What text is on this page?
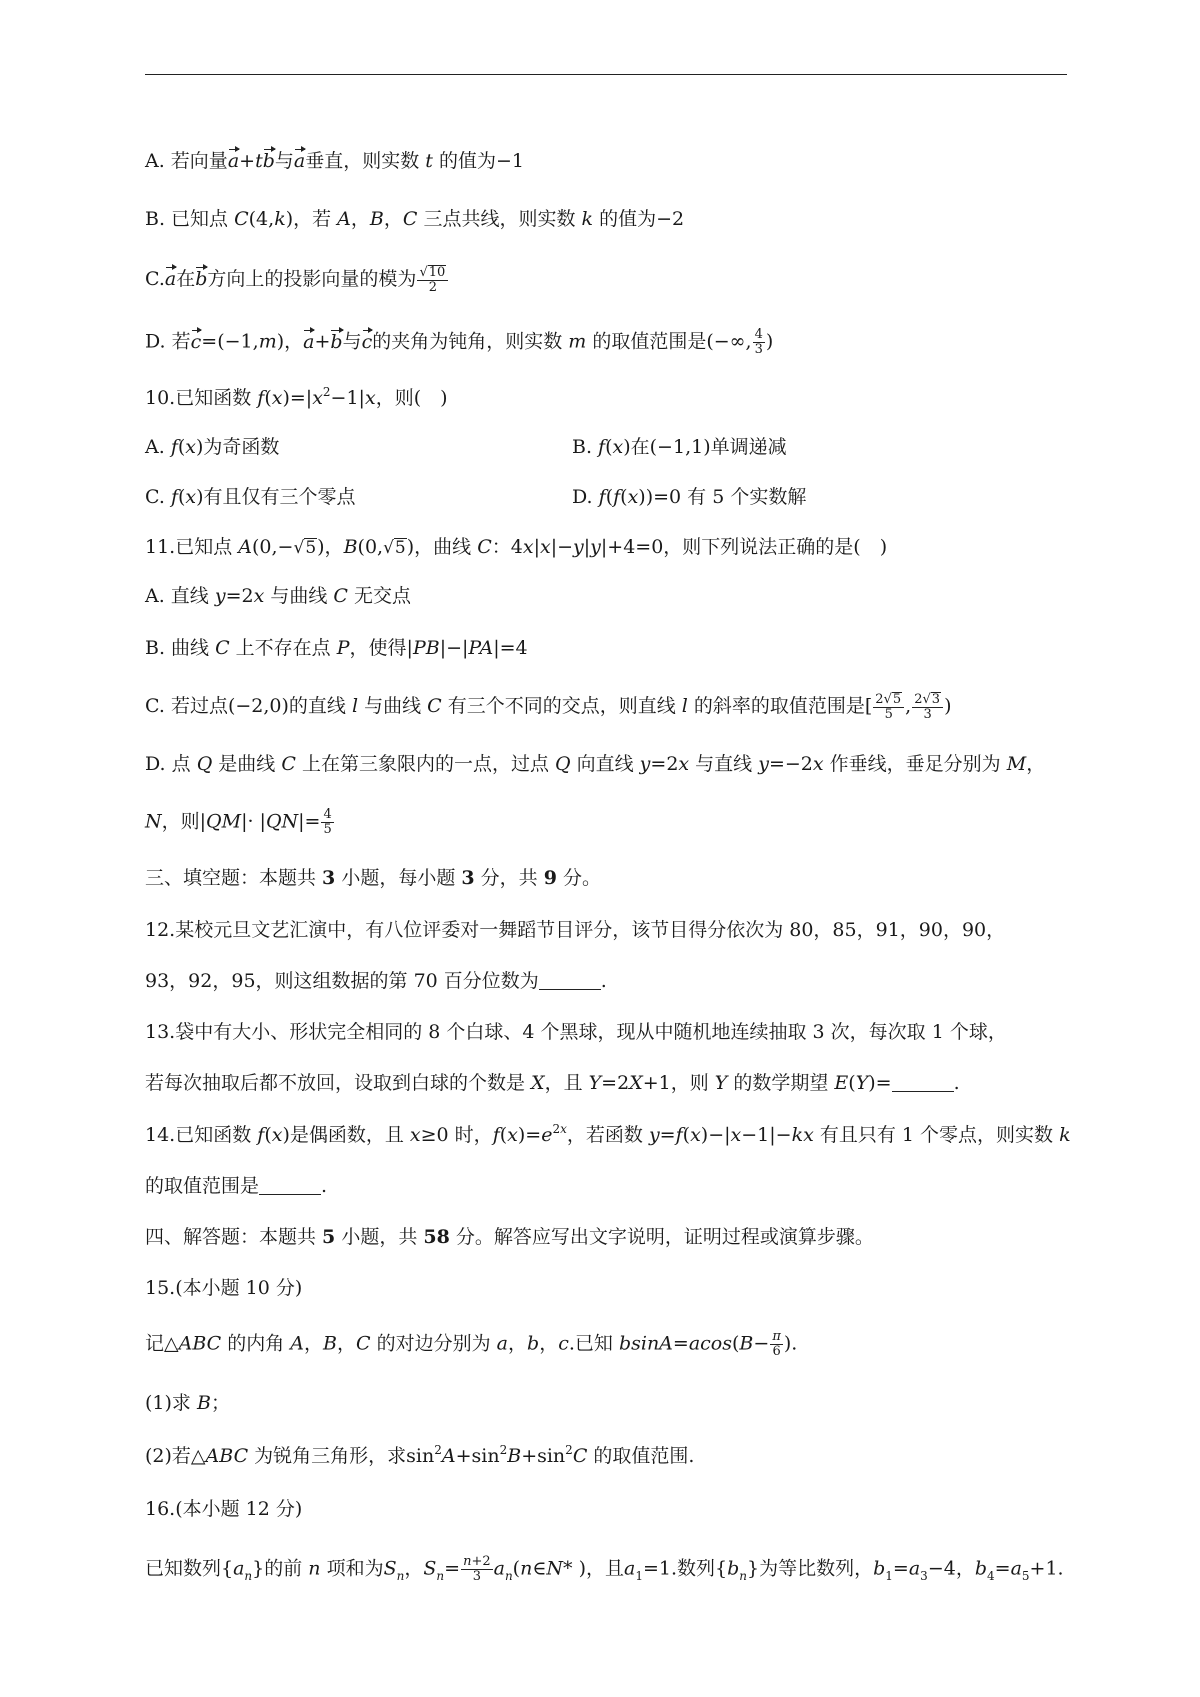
A. 若向量a+tb与a垂直，则实数 t 的值为−1
B. 已知点 C(4,k)，若 A，B，C 三点共线，则实数 k 的值为−2
C.a在b方向上的投影向量的模为 $\frac{√10}{2}$
D. 若c=(−1,m)，a+b与c的夹角为钝角，则实数 m 的取值范围是(−∞, $\frac{4}{3}$ )
10.已知函数 $f(x)=|x^2-1|x$，则(　)
A. f(x)为奇函数	B. f(x)在(−1,1)单调递减
C. f(x)有且仅有三个零点	D. f(f(x))=0 有 5 个实数解
11.已知点 A(0,−√5)，B(0,√5)，曲线 C：4x|x|−y|y|+4=0，则下列说法正确的是(　)
A. 直线 y=2x 与曲线 C 无交点
B. 曲线 C 上不存在点 P，使得|PB|−|PA|=4
C. 若过点(−2,0)的直线 l 与曲线 C 有三个不同的交点，则直线 l 的斜率的取值范围是[ $\frac{2√5}{5}$ , $\frac{2√3}{3}$ )
D. 点 Q 是曲线 C 上在第三象限内的一点，过点 Q 向直线 y=2x 与直线 y=−2x 作垂线，垂足分别为 M，
N，则$|QM|\cdot |QN|= \frac{4}{5}$
三、填空题：本题共 3 小题，每小题 3 分，共 9 分。
12.某校元旦文艺汇演中，有八位评委对一舞蹈节目评分，该节目得分依次为 80，85，91，90，90，
93，92，95，则这组数据的第 70 百分位数为	.
13.袋中有大小、形状完全相同的 8 个白球、4 个黑球，现从中随机地连续抽取 3 次，每次取 1 个球，
若每次抽取后都不放回，设取到白球的个数是 X，且 Y=2X+1，则 Y 的数学期望 E(Y)=	.
14.已知函数 f(x)是偶函数，且 x≥0 时，$f(x)=e^{2x}$，若函数 y=f(x)−|x−1|−kx 有且只有 1 个零点，则实数 k
的取值范围是	.
四、解答题：本题共 5 小题，共 58 分。解答应写出文字说明，证明过程或演算步骤。
15.(本小题 10 分)
记△ABC 的内角 A，B，C 的对边分别为 a，b，c.已知 $bsinA=acos(B- \frac{\pi}{6}$ ).
(1)求 B；
(2)若△ABC 为锐角三角形，求$\sin^2A+\sin^2B+\sin^2C$ 的取值范围.
16.(本小题 12 分)
已知数列$\{a_n\}$的前 n 项和为$S_n$，$S_n= \frac{n+2}{3}$ $a_n(n\in N*$ )，且$a_1=1$.数列$\{b_n\}$为等比数列，$b_1=a_3-4$，$b_4=a_5+1$.
